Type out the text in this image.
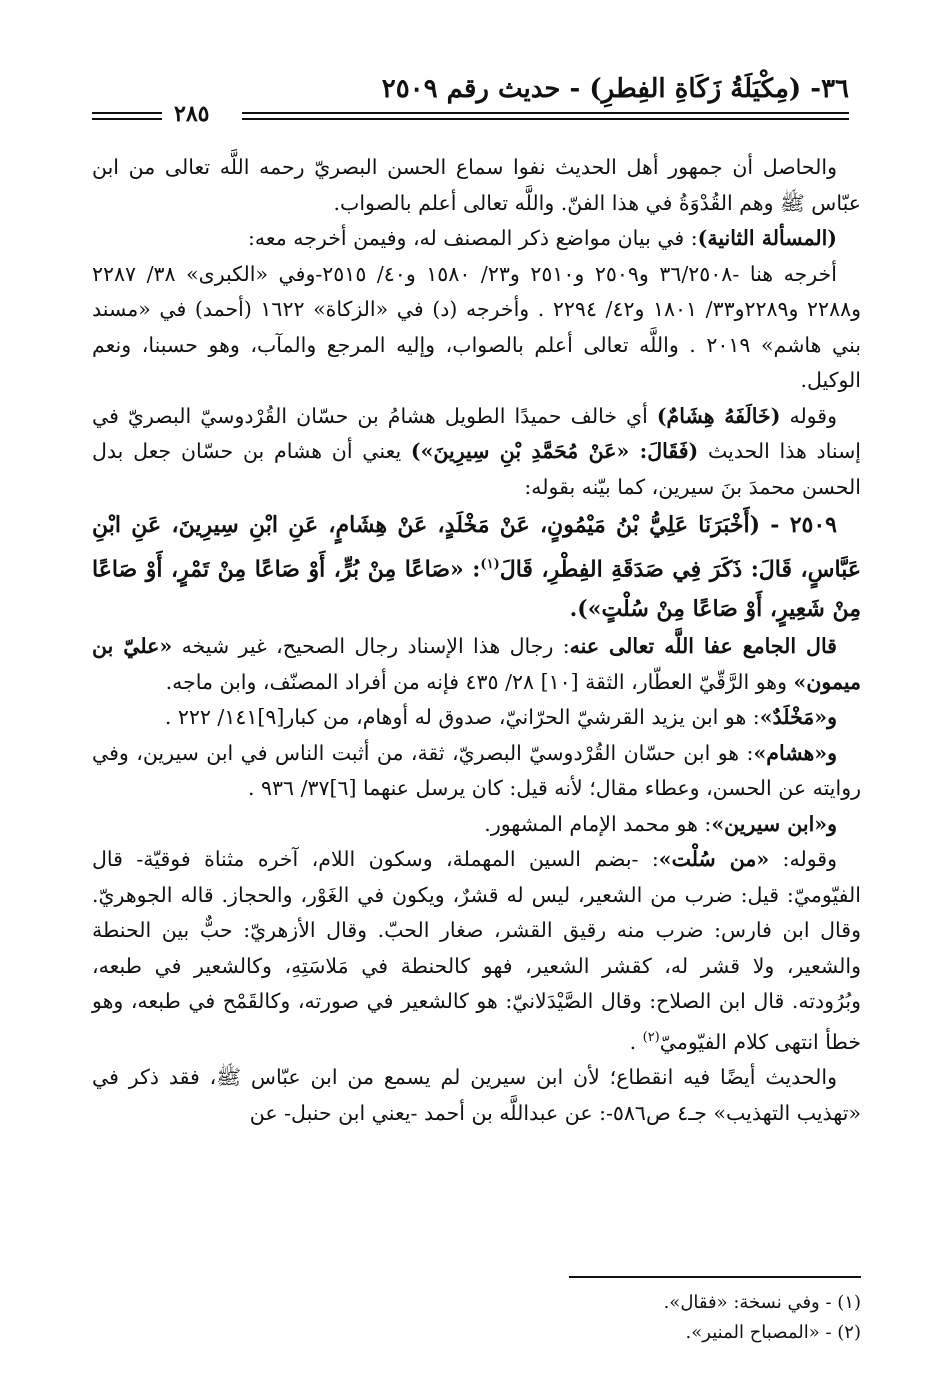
٣٦- (مِكْيَلَةُ زَكَاةِ الفِطرِ) - حديث رقم ٢٥٠٩
٢٨٥

والحاصل أن جمهور أهل الحديث نفوا سماع الحسن البصريّ رحمه اللَّه تعالى من ابن عبّاس ﷺ وهم القُدْوَةُ في هذا الفنّ. واللَّه تعالى أعلم بالصواب.

(المسألة الثانية): في بيان مواضع ذكر المصنف له، وفيمن أخرجه معه:

أخرجه هنا -٣٦/٢٥٠٨ و٢٥٠٩ و٢٥١٠ و٢٣/ ١٥٨٠ و٤٠/ ٢٥١٥-وفي «الكبرى» ٣٨/ ٢٢٨٧ و٢٢٨٨ و٢٢٨٩و٣٣/ ١٨٠١ و٤٢/ ٢٢٩٤ . وأخرجه (د) في «الزكاة» ١٦٢٢ (أحمد) في «مسند بني هاشم» ٢٠١٩ . واللَّه تعالى أعلم بالصواب، وإليه المرجع والمآب، وهو حسبنا، ونعم الوكيل.

وقوله (خَالَفَهُ هِشَامٌ) أي خالف حميدًا الطويل هشامُ بن حسّان القُرْدوسيّ البصريّ في إسناد هذا الحديث (فَقَالَ: «عَنْ مُحَمَّدِ بْنِ سِيرِينَ») يعني أن هشام بن حسّان جعل بدل الحسن محمدَ بنَ سيرين، كما بيّنه بقوله:

٢٥٠٩ - (أَخْبَرَنَا عَلِيُّ بْنُ مَيْمُونٍ، عَنْ مَخْلَدٍ، عَنْ هِشَامٍ، عَنِ ابْنِ سِيرِينَ، عَنِ ابْنِ عَبَّاسٍ، قَالَ: ذَكَرَ فِي صَدَقَةِ الفِطْرِ، قَالَ$^{(١)}$: «صَاعًا مِنْ بُرٍّ، أَوْ صَاعًا مِنْ تَمْرٍ، أَوْ صَاعًا مِنْ شَعِيرٍ، أَوْ صَاعًا مِنْ سُلْتٍ»).

قال الجامع عفا اللَّه تعالى عنه: رجال هذا الإسناد رجال الصحيح، غير شيخه «عليّ بن ميمون» وهو الرَّقّيّ العطّار، الثقة [١٠] ٢٨/ ٤٣٥ فإنه من أفراد المصنّف، وابن ماجه.

و«مَخْلَدٌ»: هو ابن يزيد القرشيّ الحرّانيّ، صدوق له أوهام، من كبار[٩]١٤١/ ٢٢٢ .

و«هشام»: هو ابن حسّان القُرْدوسيّ البصريّ، ثقة، من أثبت الناس في ابن سيرين، وفي روايته عن الحسن، وعطاء مقال؛ لأنه قيل: كان يرسل عنهما [٦]٣٧/ ٩٣٦ .

و«ابن سيرين»: هو محمد الإمام المشهور.

وقوله: «من سُلْت»: -بضم السين المهملة، وسكون اللام، آخره مثناة فوقيّة- قال الفيّوميّ: قيل: ضرب من الشعير، ليس له قشرٌ، ويكون في الغَوْر، والحجاز. قاله الجوهريّ. وقال ابن فارس: ضرب منه رقيق القشر، صغار الحبّ. وقال الأزهريّ: حبٌّ بين الحنطة والشعير، ولا قشر له، كقشر الشعير، فهو كالحنطة في مَلاسَتِهِ، وكالشعير في طبعه، وبُرُودته. قال ابن الصلاح: وقال الصَّيْدَلانيّ: هو كالشعير في صورته، وكالقَمْح في طبعه، وهو خطأ انتهى كلام الفيّوميّ$^{(٢)}$ .

والحديث أيضًا فيه انقطاع؛ لأن ابن سيرين لم يسمع من ابن عبّاس ﷺ، فقد ذكر في «تهذيب التهذيب» جـ٤ ص٥٨٦-: عن عبداللَّه بن أحمد -يعني ابن حنبل- عن

(١) - وفي نسخة: «فقال».
(٢) - «المصباح المنير».
